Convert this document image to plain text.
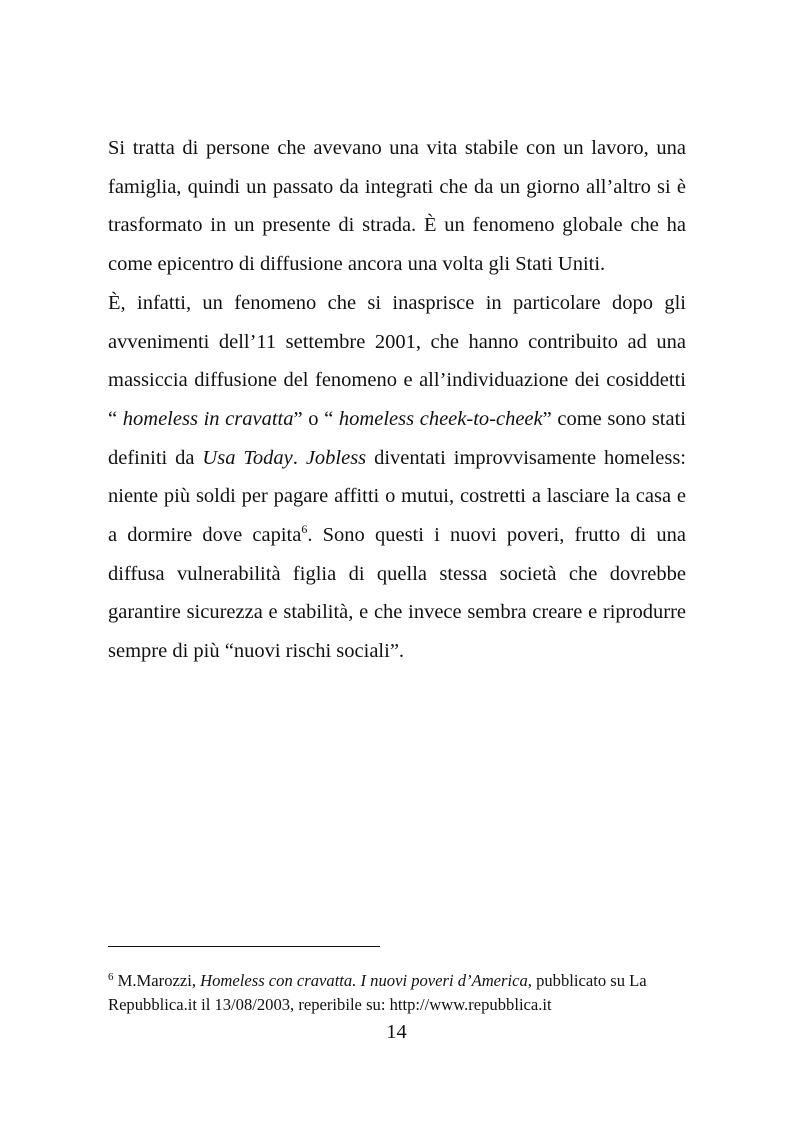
Si tratta di persone che avevano una vita stabile con un lavoro, una famiglia, quindi un passato da integrati che da un giorno all’altro si è trasformato in un presente di strada. È un fenomeno globale che ha come epicentro di diffusione ancora una volta gli Stati Uniti.

È, infatti, un fenomeno che si inasprisce in particolare dopo gli avvenimenti dell’11 settembre 2001, che hanno contribuito ad una massiccia diffusione del fenomeno e all’individuazione dei cosiddetti “ homeless in cravatta” o “ homeless cheek-to-cheek” come sono stati definiti da Usa Today. Jobless diventati improvvisamente homeless: niente più soldi per pagare affitti o mutui, costretti a lasciare la casa e a dormire dove capita$^6$. Sono questi i nuovi poveri, frutto di una diffusa vulnerabilità figlia di quella stessa società che dovrebbe garantire sicurezza e stabilità, e che invece sembra creare e riprodurre sempre di più “nuovi rischi sociali”.

$^6$ M.Marozzi, Homeless con cravatta. I nuovi poveri d’America, pubblicato su La Repubblica.it il 13/08/2003, reperibile su: http://www.repubblica.it
14
